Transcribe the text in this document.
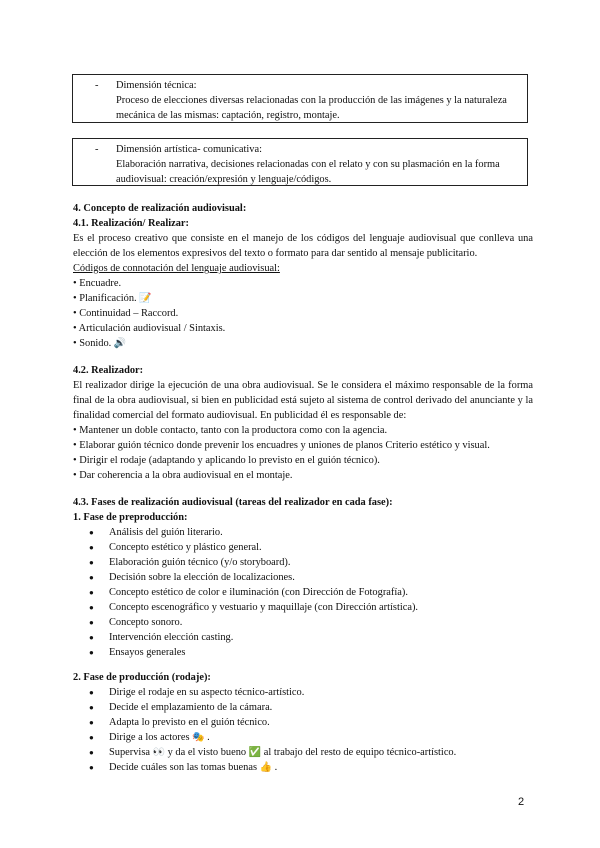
- Dimensión técnica:
Proceso de elecciones diversas relacionadas con la producción de las imágenes y la naturaleza mecánica de las mismas: captación, registro, montaje.
- Dimensión artística- comunicativa:
Elaboración narrativa, decisiones relacionadas con el relato y con su plasmación en la forma audiovisual: creación/expresión y lenguaje/códigos.
4. Concepto de realización audiovisual:
4.1. Realización/ Realizar:
Es el proceso creativo que consiste en el manejo de los códigos del lenguaje audiovisual que conlleva una elección de los elementos expresivos del texto o formato para dar sentido al mensaje publicitario.
Códigos de connotación del lenguaje audiovisual:
• Encuadre.
• Planificación. 📝
• Continuidad – Raccord.
• Articulación audiovisual / Sintaxis.
• Sonido. 🔊
4.2. Realizador:
El realizador dirige la ejecución de una obra audiovisual. Se le considera el máximo responsable de la forma final de la obra audiovisual, si bien en publicidad está sujeto al sistema de control derivado del anunciante y la finalidad comercial del formato audiovisual. En publicidad él es responsable de:
• Mantener un doble contacto, tanto con la productora como con la agencia.
• Elaborar guión técnico donde prevenir los encuadres y uniones de planos Criterio estético y visual.
• Dirigir el rodaje (adaptando y aplicando lo previsto en el guión técnico).
• Dar coherencia a la obra audiovisual en el montaje.
4.3. Fases de realización audiovisual (tareas del realizador en cada fase):
1. Fase de preproducción:
● Análisis del guión literario.
● Concepto estético y plástico general.
● Elaboración guión técnico (y/o storyboard).
● Decisión sobre la elección de localizaciones.
● Concepto estético de color e iluminación (con Dirección de Fotografía).
● Concepto escenográfico y vestuario y maquillaje (con Dirección artística).
● Concepto sonoro.
● Intervención elección casting.
● Ensayos generales
2. Fase de producción (rodaje):
● Dirige el rodaje en su aspecto técnico-artístico.
● Decide el emplazamiento de la cámara.
● Adapta lo previsto en el guión técnico.
● Dirige a los actores 🎭 .
● Supervisa 👀 y da el visto bueno ✅ al trabajo del resto de equipo técnico-artístico.
● Decide cuáles son las tomas buenas 👍 .
2
